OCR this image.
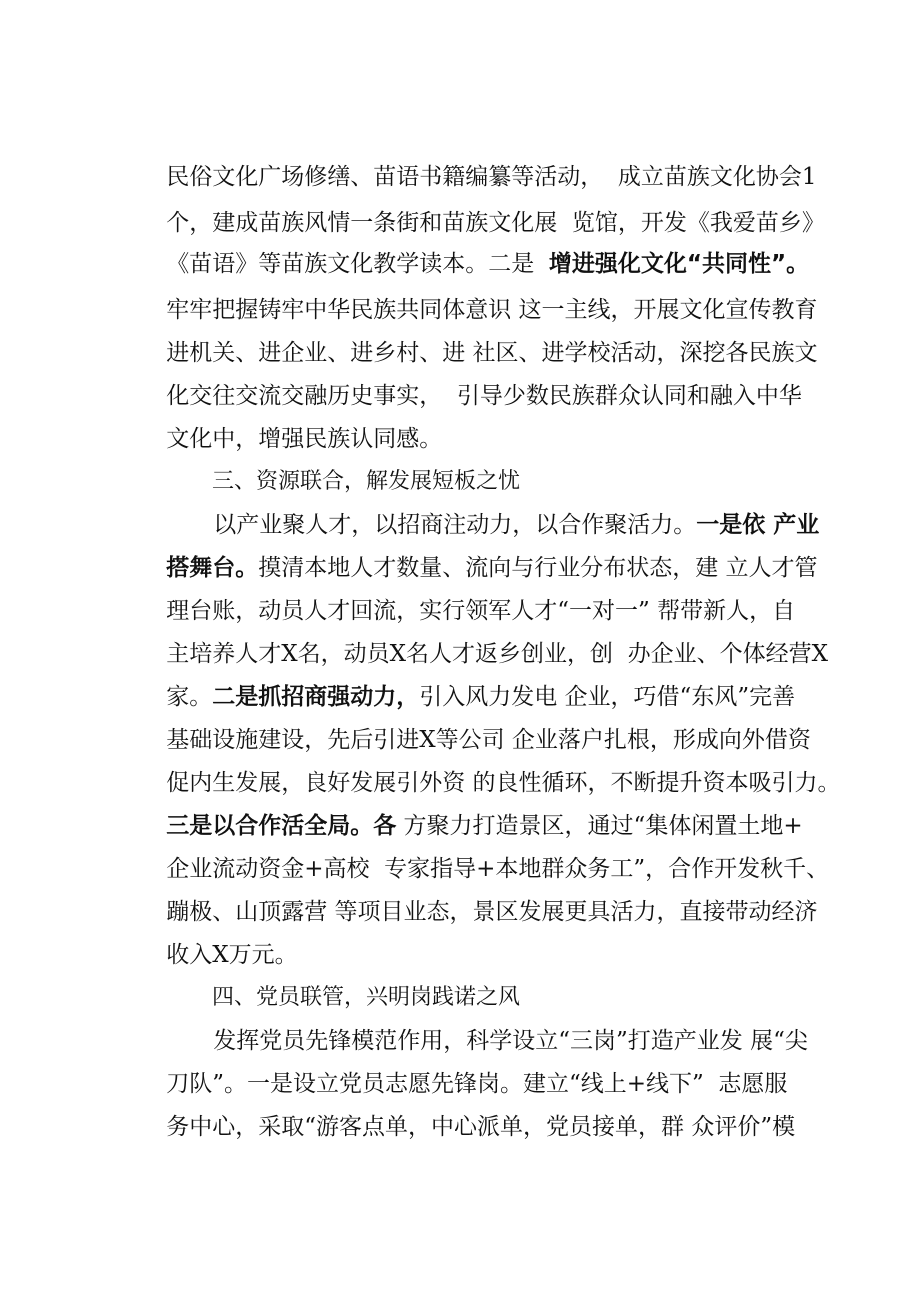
民俗文化广场修缮、苗语书籍编纂等活动，  成立苗族文化协会1

个，建成苗族风情一条街和苗族文化展  览馆，开发《我爱苗乡》

《苗语》等苗族文化教学读本。二是  增进强化文化“共同性”。

牢牢把握铸牢中华民族共同体意识 这一主线，开展文化宣传教育

进机关、进企业、进乡村、进 社区、进学校活动，深挖各民族文

化交往交流交融历史事实，  引导少数民族群众认同和融入中华

文化中，增强民族认同感。

三、资源联合，解发展短板之忧

以产业聚人才，以招商注动力，以合作聚活力。一是依 产业

搭舞台。摸清本地人才数量、流向与行业分布状态，建 立人才管

理台账，动员人才回流，实行领军人才“一对一” 帮带新人，自

主培养人才X名，动员X名人才返乡创业，创  办企业、个体经营X

家。二是抓招商强动力，引入风力发电 企业，巧借“东风”完善

基础设施建设，先后引进X等公司 企业落户扎根，形成向外借资

促内生发展，良好发展引外资 的良性循环，不断提升资本吸引力。

三是以合作活全局。各 方聚力打造景区，通过“集体闲置土地+

企业流动资金+高校  专家指导+本地群众务工”，合作开发秋千、

蹦极、山顶露营 等项目业态，景区发展更具活力，直接带动经济

收入X万元。

四、党员联管，兴明岗践诺之风

发挥党员先锋模范作用，科学设立“三岗”打造产业发 展“尖

刀队”。一是设立党员志愿先锋岗。建立“线上+线下”  志愿服

务中心，采取“游客点单，中心派单，党员接单，群 众评价”模
